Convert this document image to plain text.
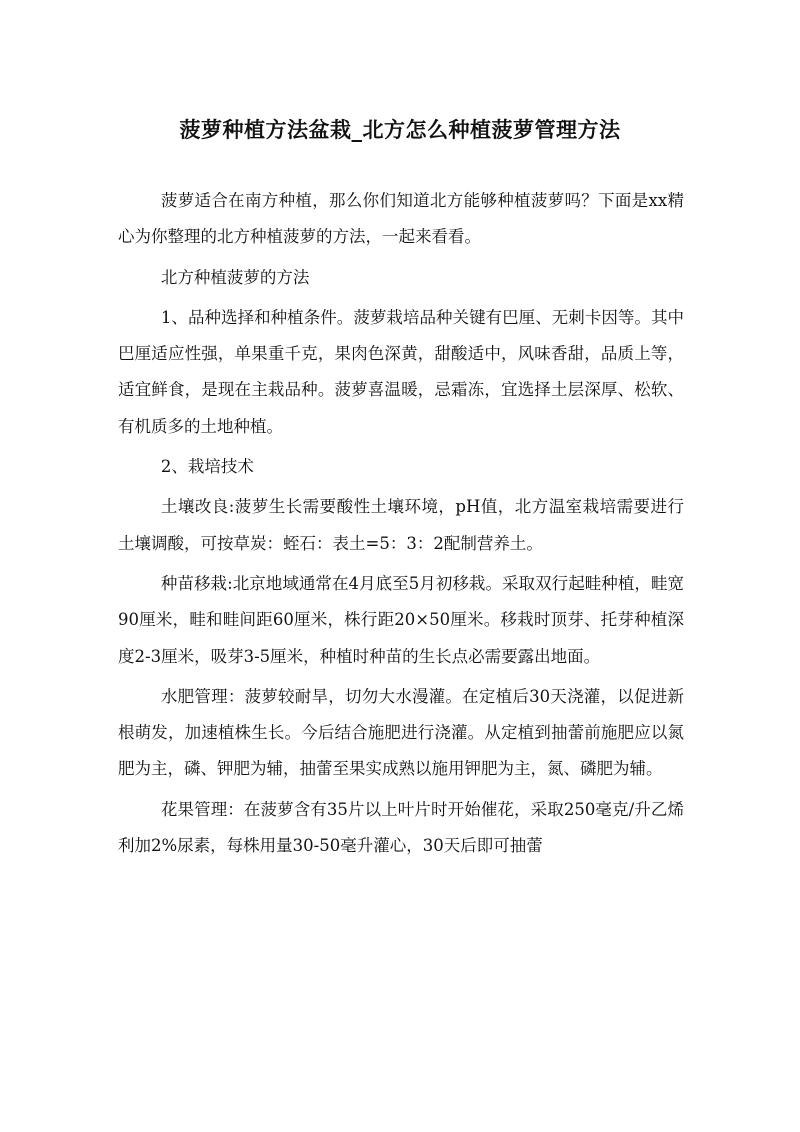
菠萝种植方法盆栽_北方怎么种植菠萝管理方法

菠萝适合在南方种植，那么你们知道北方能够种植菠萝吗？下面是xx精心为你整理的北方种植菠萝的方法，一起来看看。

北方种植菠萝的方法

1、品种选择和种植条件。菠萝栽培品种关键有巴厘、无刺卡因等。其中巴厘适应性强，单果重千克，果肉色深黄，甜酸适中，风味香甜，品质上等，适宜鲜食，是现在主栽品种。菠萝喜温暖，忌霜冻，宜选择土层深厚、松软、有机质多的土地种植。

2、栽培技术

土壤改良:菠萝生长需要酸性土壤环境，pH值，北方温室栽培需要进行土壤调酸，可按草炭：蛭石：表土=5：3：2配制营养土。

种苗移栽:北京地域通常在4月底至5月初移栽。采取双行起畦种植，畦宽90厘米，畦和畦间距60厘米，株行距20×50厘米。移栽时顶芽、托芽种植深度2-3厘米，吸芽3-5厘米，种植时种苗的生长点必需要露出地面。

水肥管理：菠萝较耐旱，切勿大水漫灌。在定植后30天浇灌，以促进新根萌发，加速植株生长。今后结合施肥进行浇灌。从定植到抽蕾前施肥应以氮肥为主，磷、钾肥为辅，抽蕾至果实成熟以施用钾肥为主，氮、磷肥为辅。

花果管理：在菠萝含有35片以上叶片时开始催花，采取250毫克/升乙烯利加2%尿素，每株用量30-50毫升灌心，30天后即可抽蕾
